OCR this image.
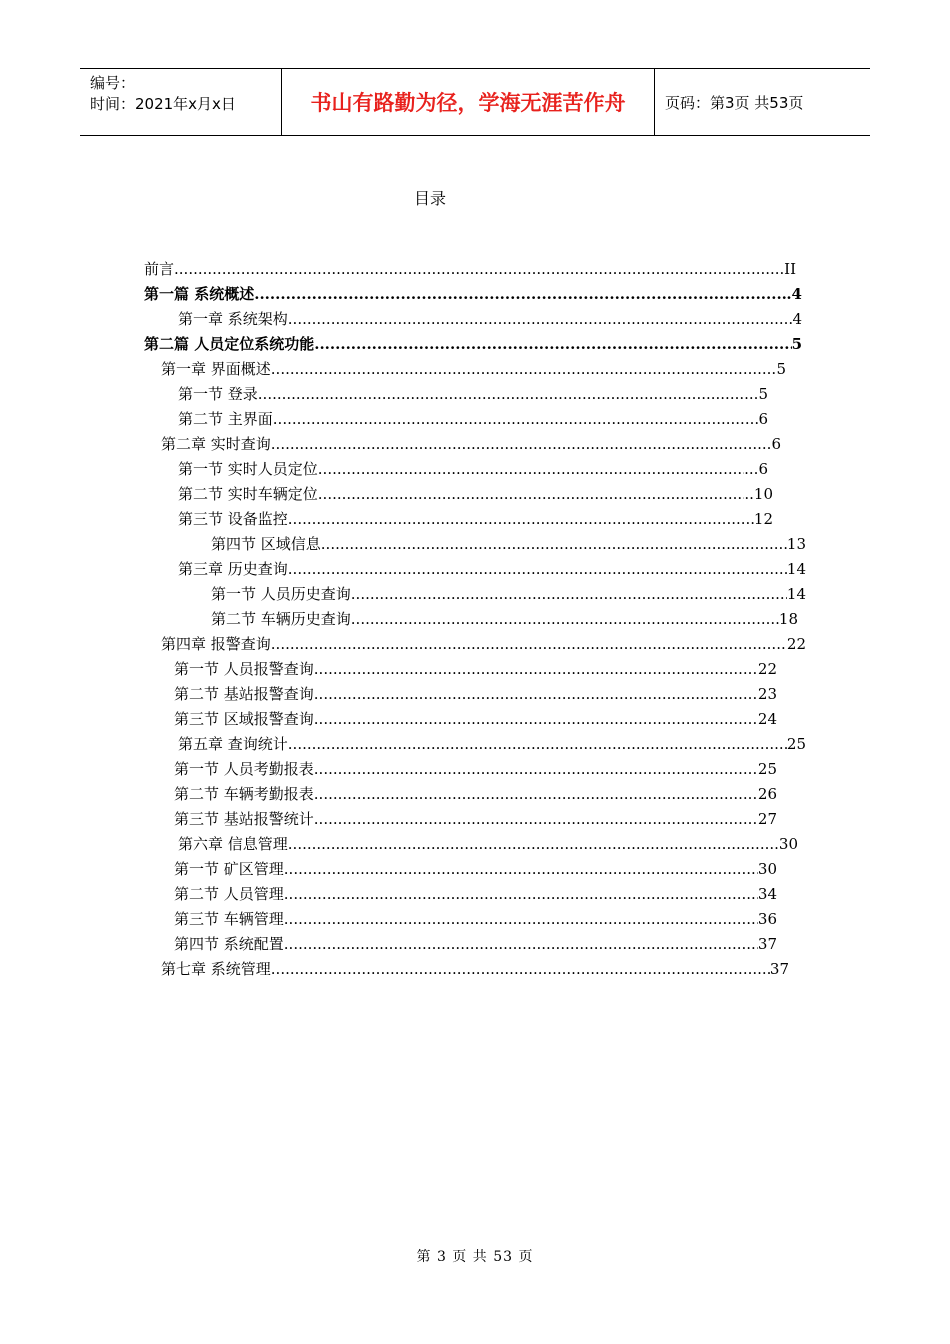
编号：
时间：2021年x月x日	书山有路勤为径，学海无涯苦作舟	页码：第3页 共53页
目录
前言 .....	II
第一篇 系统概述 .....	.4
第一章 系统架构 .....	4
第二篇 人员定位系统功能 .....	5
第一章 界面概述 .....	5
第一节 登录 .....	5
第二节 主界面 .....	6
第二章 实时查询 .....	..6
第一节 实时人员定位 .....	...6
第二节 实时车辆定位 .....	..10
第三节 设备监控 .....	12
第四节 区域信息 .....	13
第三章 历史查询 .....	14
第一节 人员历史查询 .....	14
第二节 车辆历史查询 .....	18
第四章 报警查询 .....	22
第一节 人员报警查询 .....	22
第二节 基站报警查询 .....	23
第三节 区域报警查询 .....	24
第五章 查询统计 .....	25
第一节 人员考勤报表 .....	25
第二节 车辆考勤报表 .....	26
第三节 基站报警统计 .....	27
第六章 信息管理 .....	30
第一节 矿区管理 .....	30
第二节 人员管理 .....	34
第三节 车辆管理 .....	36
第四节 系统配置 .....	37
第七章 系统管理 .....	37
第 3 页 共 53 页
